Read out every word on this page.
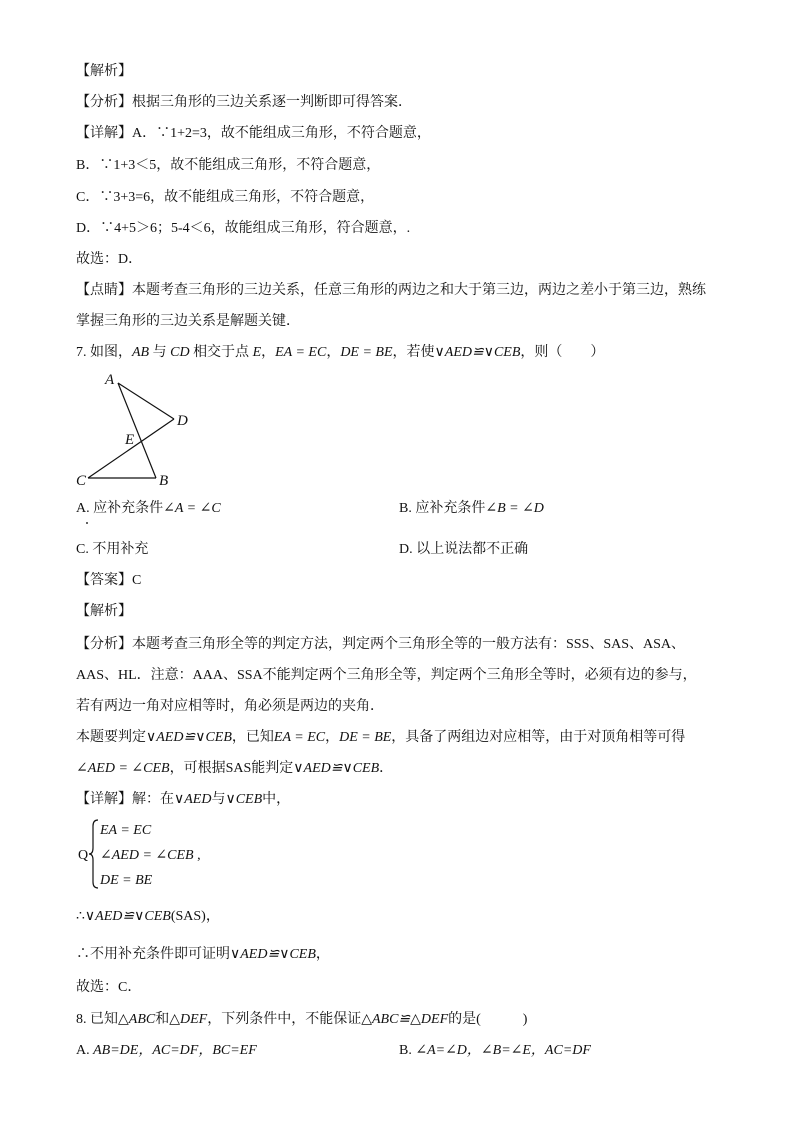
【解析】
【分析】根据三角形的三边关系逐一判断即可得答案．
【详解】A．∵1+2=3，故不能组成三角形，不符合题意，
B．∵1+3＜5，故不能组成三角形，不符合题意，
C．∵3+3=6，故不能组成三角形，不符合题意，
D．∵4+5＞6；5-4＜6，故能组成三角形，符合题意，.
故选：D．
【点睛】本题考查三角形的三边关系，任意三角形的两边之和大于第三边，两边之差小于第三边，熟练
掌握三角形的三边关系是解题关键．
7. 如图，AB 与 CD 相交于点 E，EA = EC，DE = BE，若使∨AED≌∨CEB，则（　　）
A
D
E
C	B
A. 应补充条件∠A = ∠C	B. 应补充条件∠B = ∠D
C. 不用补充	D. 以上说法都不正确
【答案】C
【解析】
【分析】本题考查三角形全等的判定方法，判定两个三角形全等的一般方法有：SSS、SAS、ASA、
AAS、HL．注意：AAA、SSA不能判定两个三角形全等，判定两个三角形全等时，必须有边的参与，
若有两边一角对应相等时，角必须是两边的夹角．
本题要判定∨AED≌∨CEB，已知EA = EC，DE = BE，具备了两组边对应相等，由于对顶角相等可得
∠AED = ∠CEB，可根据SAS能判定∨AED≌∨CEB．
【详解】解：在∨AED与∨CEB中，
Q
EA = EC
∠AED = ∠CEB ,
DE = BE
∴∨AED≌∨CEB(SAS)，
∴不用补充条件即可证明∨AED≌∨CEB，
故选：C．
8. 已知△ABC和△DEF，下列条件中，不能保证△ABC≌△DEF的是(　　　)
A. AB=DE，AC=DF，BC=EF	B. ∠A=∠D，∠B=∠E，AC=DF
